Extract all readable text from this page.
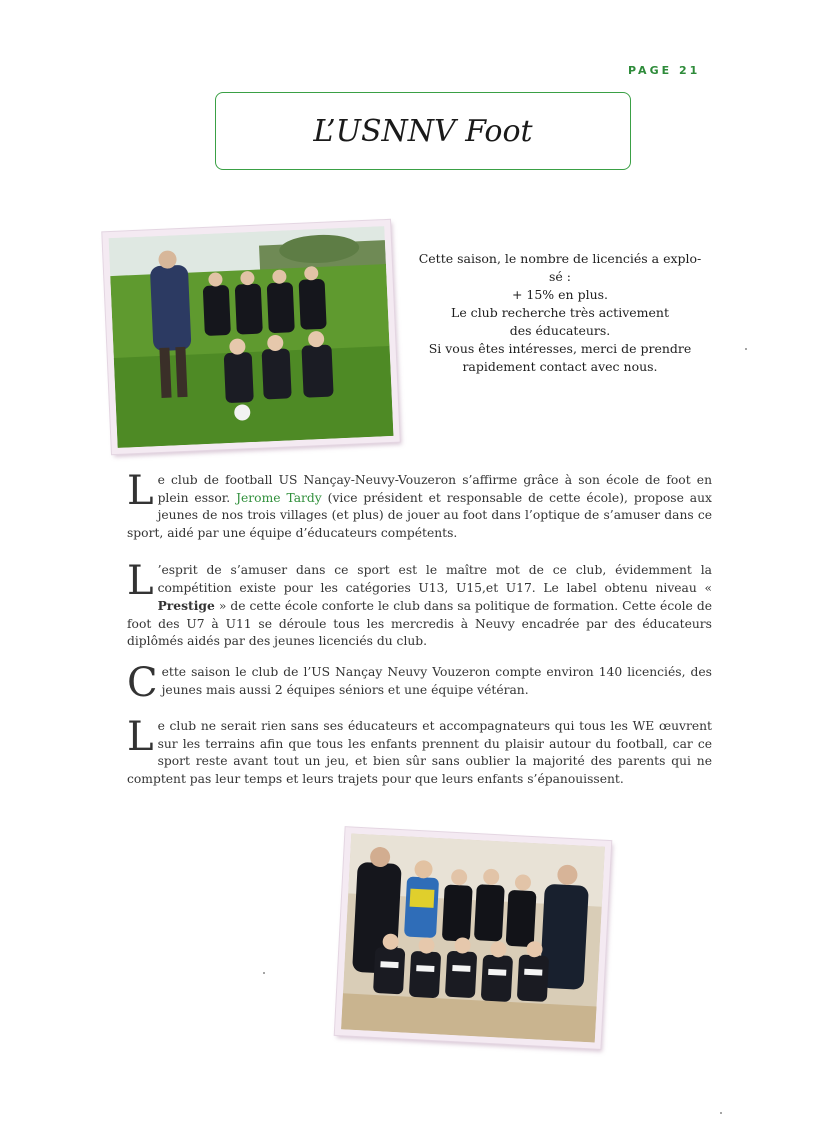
PAGE 21
L’USNNV Foot
Cette saison, le nombre de licenciés a explo-
sé :
+ 15% en plus.
Le club recherche très activement
des éducateurs.
Si vous êtes intéresses, merci de prendre
rapidement contact avec nous.
Le club de football US Nançay-Neuvy-Vouzeron s’affirme grâce à son école de foot en plein essor. Jerome Tardy (vice président et responsable de cette école), propose aux jeunes de nos trois villages (et plus) de jouer au foot dans l’optique de s’amuser dans ce sport, aidé par une équipe d’éducateurs compétents.
L ’esprit de s’amuser dans ce sport est le maître mot de ce club, évidemment la compétition existe pour les catégories U13, U15,et U17. Le label obtenu niveau « Prestige » de cette école conforte le club dans sa politique de formation. Cette école de foot des U7 à U11 se déroule tous les mercredis à Neuvy encadrée par des éducateurs diplômés aidés par des jeunes licenciés du club.
Cette saison le club de l’US Nançay Neuvy Vouzeron compte environ 140 licenciés, des jeunes mais aussi 2 équipes séniors et une équipe vétéran.
Le club ne serait rien sans ses éducateurs et accompagnateurs qui tous les WE œuvrent sur les terrains afin que tous les enfants prennent du plaisir autour du football, car ce sport reste avant tout un jeu, et bien sûr sans oublier la majorité des parents qui ne comptent pas leur temps et leurs trajets pour que leurs enfants s’épanouissent.
